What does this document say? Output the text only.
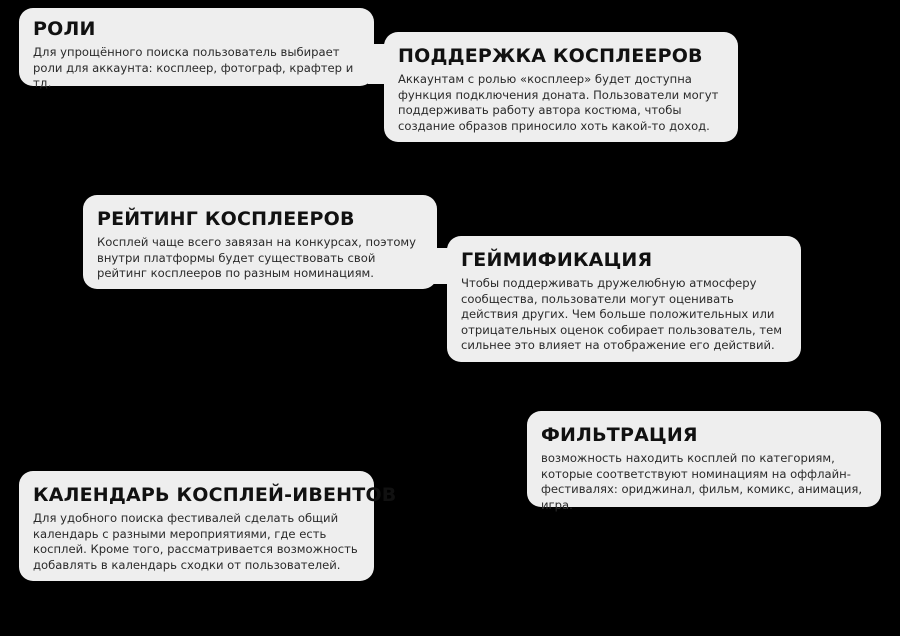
РОЛИ

Для упрощённого поиска пользователь выбирает роли для аккаунта: косплеер, фотограф, крафтер и тд.

ПОДДЕРЖКА КОСПЛЕЕРОВ

Аккаунтам с ролью «косплеер» будет доступна функция подключения доната. Пользователи могут поддерживать работу автора костюма, чтобы создание образов приносило хоть какой-то доход.

РЕЙТИНГ КОСПЛЕЕРОВ

Косплей чаще всего завязан на конкурсах, поэтому внутри платформы будет существовать свой рейтинг косплееров по разным номинациям.

ГЕЙМИФИКАЦИЯ

Чтобы поддерживать дружелюбную атмосферу сообщества, пользователи могут оценивать действия других. Чем больше положительных или отрицательных оценок собирает пользователь, тем сильнее это влияет на отображение его действий.

ФИЛЬТРАЦИЯ

возможность находить косплей по категориям, которые соответствуют номинациям на оффлайн-фестивалях: ориджинал, фильм, комикс, анимация, игра.

КАЛЕНДАРЬ КОСПЛЕЙ-ИВЕНТОВ

Для удобного поиска фестивалей сделать общий календарь с разными мероприятиями, где есть косплей. Кроме того, рассматривается возможность добавлять в календарь сходки от пользователей.
